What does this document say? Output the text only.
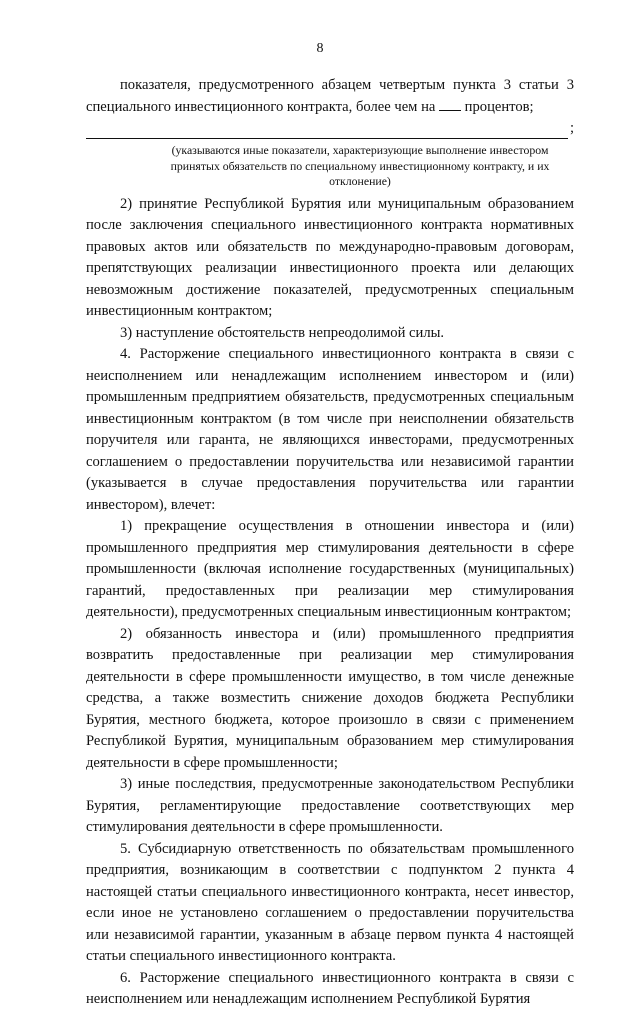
8

показателя, предусмотренного абзацем четвертым пункта 3 статьи 3 специального инвестиционного контракта, более чем на процентов;

;

(указываются иные показатели, характеризующие выполнение инвестором принятых обязательств по специальному инвестиционному контракту, и их отклонение)

2) принятие Республикой Бурятия или муниципальным образованием после заключения специального инвестиционного контракта нормативных правовых актов или обязательств по международно-правовым договорам, препятствующих реализации инвестиционного проекта или делающих невозможным достижение показателей, предусмотренных специальным инвестиционным контрактом;

3) наступление обстоятельств непреодолимой силы.

4. Расторжение специального инвестиционного контракта в связи с неисполнением или ненадлежащим исполнением инвестором и (или) промышленным предприятием обязательств, предусмотренных специальным инвестиционным контрактом (в том числе при неисполнении обязательств поручителя или гаранта, не являющихся инвесторами, предусмотренных соглашением о предоставлении поручительства или независимой гарантии (указывается в случае предоставления поручительства или гарантии инвестором), влечет:

1) прекращение осуществления в отношении инвестора и (или) промышленного предприятия мер стимулирования деятельности в сфере промышленности (включая исполнение государственных (муниципальных) гарантий, предоставленных при реализации мер стимулирования деятельности), предусмотренных специальным инвестиционным контрактом;

2) обязанность инвестора и (или) промышленного предприятия возвратить предоставленные при реализации мер стимулирования деятельности в сфере промышленности имущество, в том числе денежные средства, а также возместить снижение доходов бюджета Республики Бурятия, местного бюджета, которое произошло в связи с применением Республикой Бурятия, муниципальным образованием мер стимулирования деятельности в сфере промышленности;

3) иные последствия, предусмотренные законодательством Республики Бурятия, регламентирующие предоставление соответствующих мер стимулирования деятельности в сфере промышленности.

5. Субсидиарную ответственность по обязательствам промышленного предприятия, возникающим в соответствии с подпунктом 2 пункта 4 настоящей статьи специального инвестиционного контракта, несет инвестор, если иное не установлено соглашением о предоставлении поручительства или независимой гарантии, указанным в абзаце первом пункта 4 настоящей статьи специального инвестиционного контракта.

6. Расторжение специального инвестиционного контракта в связи с неисполнением или ненадлежащим исполнением Республикой Бурятия
